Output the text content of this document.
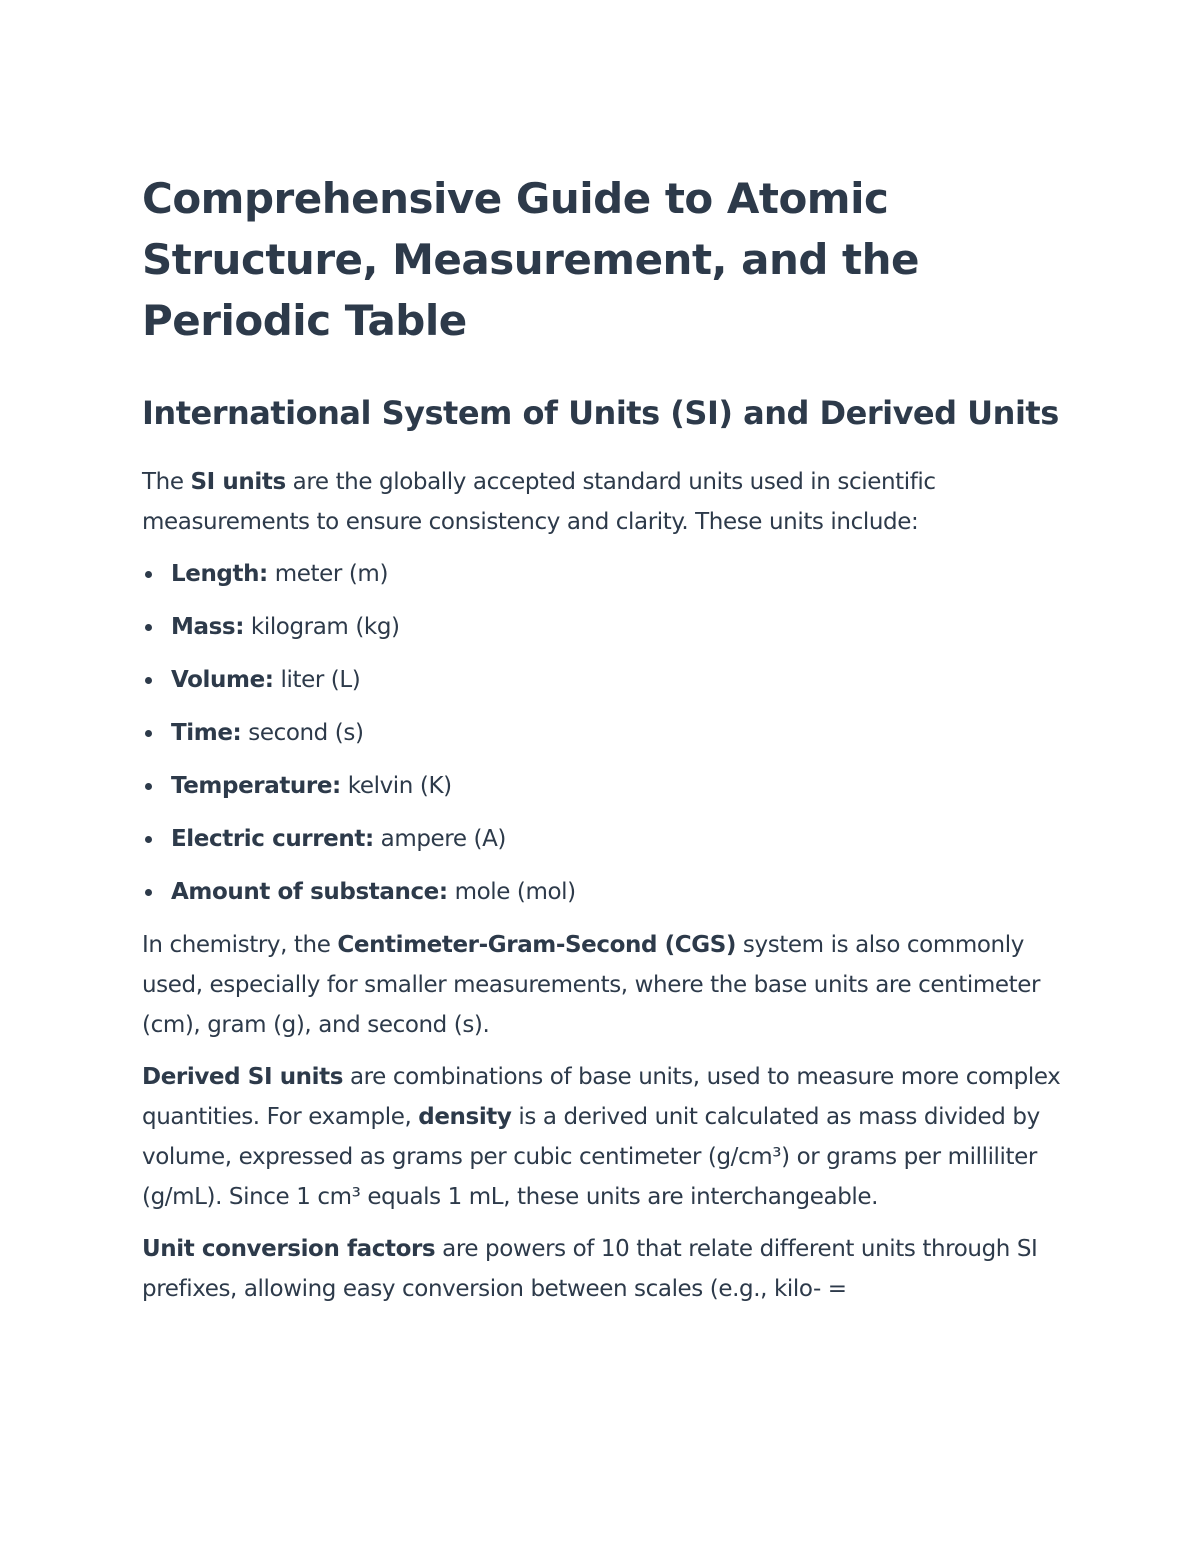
Comprehensive Guide to Atomic Structure, Measurement, and the Periodic Table
International System of Units (SI) and Derived Units

The SI units are the globally accepted standard units used in scientific measurements to ensure consistency and clarity. These units include:

Length: meter (m)
Mass: kilogram (kg)
Volume: liter (L)
Time: second (s)
Temperature: kelvin (K)
Electric current: ampere (A)
Amount of substance: mole (mol)

In chemistry, the Centimeter-Gram-Second (CGS) system is also commonly used, especially for smaller measurements, where the base units are centimeter (cm), gram (g), and second (s).

Derived SI units are combinations of base units, used to measure more complex quantities. For example, density is a derived unit calculated as mass divided by volume, expressed as grams per cubic centimeter (g/cm³) or grams per milliliter (g/mL). Since 1 cm³ equals 1 mL, these units are interchangeable.

Unit conversion factors are powers of 10 that relate different units through SI prefixes, allowing easy conversion between scales (e.g., kilo- =
